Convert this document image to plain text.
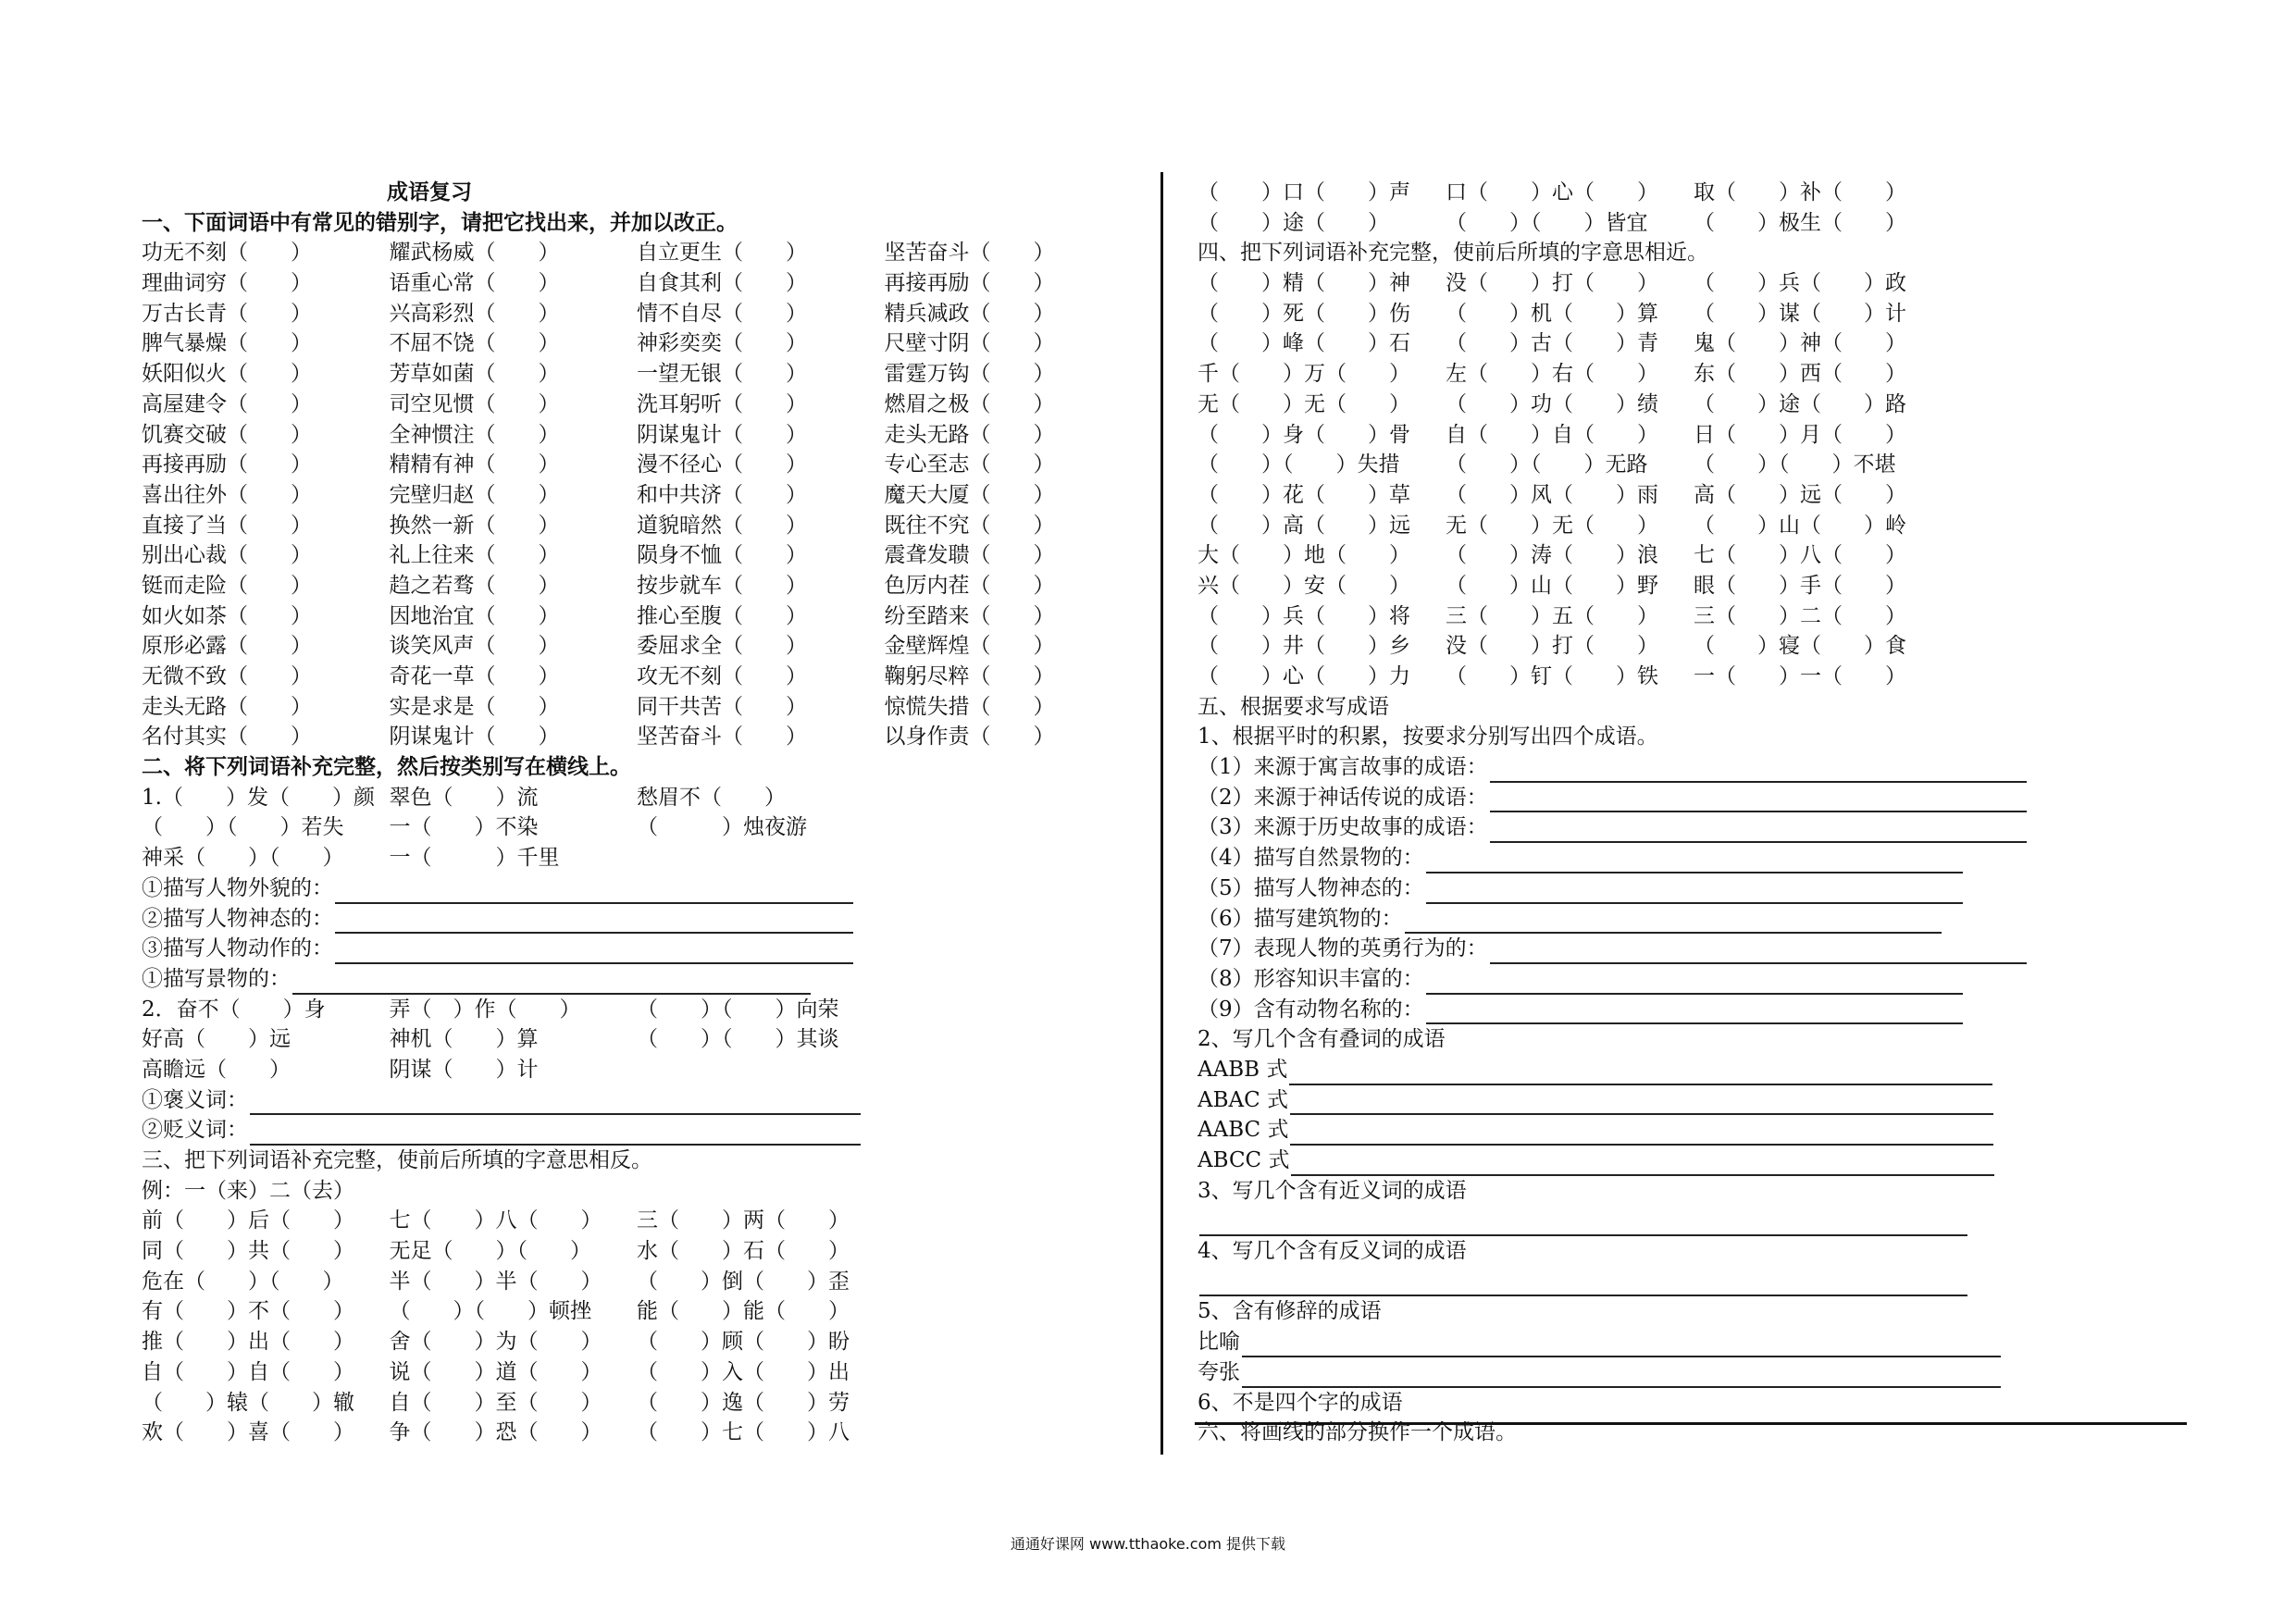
成语复习
一、下面词语中有常见的错别字，请把它找出来，并加以改正。
功无不刻（　　）	耀武杨威（　　）	自立更生（　　）	坚苦奋斗（　　）
理曲词穷（　　）	语重心常（　　）	自食其利（　　）	再接再励（　　）
万古长青（　　）	兴高彩烈（　　）	情不自尽（　　）	精兵减政（　　）
脾气暴燥（　　）	不屈不饶（　　）	神彩奕奕（　　）	尺壁寸阴（　　）
妖阳似火（　　）	芳草如菌（　　）	一望无银（　　）	雷霆万钩（　　）
高屋建令（　　）	司空见惯（　　）	洗耳躬听（　　）	燃眉之极（　　）
饥赛交破（　　）	全神惯注（　　）	阴谋鬼计（　　）	走头无路（　　）
再接再励（　　）	精精有神（　　）	漫不径心（　　）	专心至志（　　）
喜出往外（　　）	完壁归赵（　　）	和中共济（　　）	魔天大厦（　　）
直接了当（　　）	换然一新（　　）	道貌暗然（　　）	既往不究（　　）
别出心裁（　　）	礼上往来（　　）	陨身不恤（　　）	震聋发聩（　　）
铤而走险（　　）	趋之若骛（　　）	按步就车（　　）	色厉内茬（　　）
如火如茶（　　）	因地治宜（　　）	推心至腹（　　）	纷至踏来（　　）
原形必露（　　）	谈笑风声（　　）	委屈求全（　　）	金壁辉煌（　　）
无微不致（　　）	奇花一草（　　）	攻无不刻（　　）	鞠躬尽粹（　　）
走头无路（　　）	实是求是（　　）	同干共苦（　　）	惊慌失措（　　）
名付其实（　　）	阴谋鬼计（　　）	坚苦奋斗（　　）	以身作责（　　）
二、将下列词语补充完整，然后按类别写在横线上。
1.（　　）发（　　）颜 翠色（　　）流	愁眉不（　　）
（　　）（　　）若失	一（　　）不染	（　　　）烛夜游
神采（　　）（　　）	一（　　　）千里
①描写人物外貌的：
②描写人物神态的：
③描写人物动作的：
①描写景物的：
2．奋不（　　）身	弄（　）作（　　）	（　　）（　　）向荣
好高（　　）远	神机（　　）算	（　　）（　　）其谈
高瞻远（　　）	阴谋（　　）计
①褒义词：
②贬义词：
三、把下列词语补充完整，使前后所填的字意思相反。
例：一（来）二（去）
前（　　）后（　　）	七（　　）八（　　）	三（　　）两（　　）
同（　　）共（　　）	无足（　　）（　　）	水（　　）石（　　）
危在（　　）（　　）	半（　　）半（　　）	（　　）倒（　　）歪
有（　　）不（　　）	（　　）（　　）顿挫	能（　　）能（　　）
推（　　）出（　　）	舍（　　）为（　　）	（　　）顾（　　）盼
自（　　）自（　　）	说（　　）道（　　）	（　　）入（　　）出
（　　）辕（　　）辙	自（　　）至（　　）	（　　）逸（　　）劳
欢（　　）喜（　　）	争（　　）恐（　　）	（　　）七（　　）八
（　　）口（　　）声	口（　　）心（　　）	取（　　）补（　　）
（　　）途（　　）	（　　）（　　）皆宜	（　　）极生（　　）
四、把下列词语补充完整，使前后所填的字意思相近。
（　　）精（　　）神	没（　　）打（　　）	（　　）兵（　　）政
（　　）死（　　）伤	（　　）机（　　）算	（　　）谋（　　）计
（　　）峰（　　）石	（　　）古（　　）青	鬼（　　）神（　　）
千（　　）万（　　）	左（　　）右（　　）	东（　　）西（　　）
无（　　）无（　　）	（　　）功（　　）绩	（　　）途（　　）路
（　　）身（　　）骨	自（　　）自（　　）	日（　　）月（　　）
（　　）（　　）失措	（　　）（　　）无路	（　　）（　　）不堪
（　　）花（　　）草	（　　）风（　　）雨	高（　　）远（　　）
（　　）高（　　）远	无（　　）无（　　）	（　　）山（　　）岭
大（　　）地（　　）	（　　）涛（　　）浪	七（　　）八（　　）
兴（　　）安（　　）	（　　）山（　　）野	眼（　　）手（　　）
（　　）兵（　　）将	三（　　）五（　　）	三（　　）二（　　）
（　　）井（　　）乡	没（　　）打（　　）	（　　）寝（　　）食
（　　）心（　　）力	（　　）钉（　　）铁	一（　　）一（　　）
五、根据要求写成语
1、根据平时的积累，按要求分别写出四个成语。
（1）来源于寓言故事的成语：
（2）来源于神话传说的成语：
（3）来源于历史故事的成语：
（4）描写自然景物的：
（5）描写人物神态的：
（6）描写建筑物的：
（7）表现人物的英勇行为的：
（8）形容知识丰富的：
（9）含有动物名称的：
2、写几个含有叠词的成语
AABB 式
ABAC 式
AABC 式
ABCC 式
3、写几个含有近义词的成语
4、写几个含有反义词的成语
5、含有修辞的成语
比喻
夸张
6、不是四个字的成语
六、将画线的部分换作一个成语。
通通好课网 www.tthaoke.com 提供下载
